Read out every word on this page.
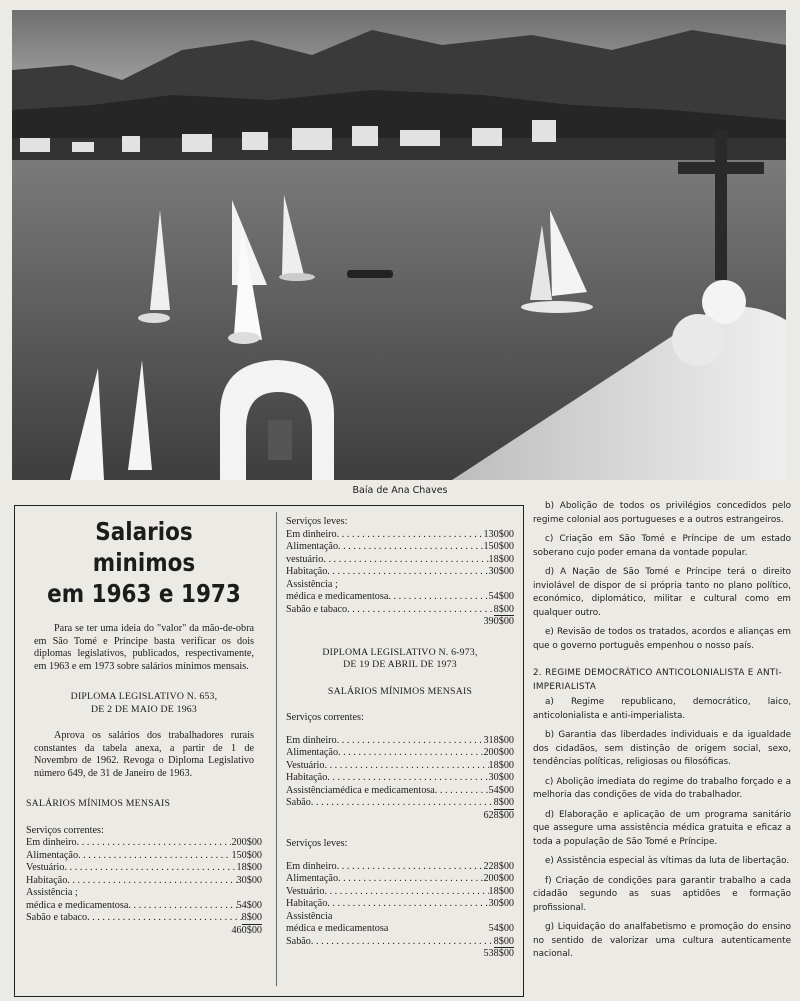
Baía de Ana Chaves
Salarios minimos
em 1963 e 1973
Para se ter uma ideia do "valor" da mão-de-obra em São Tomé e Príncipe basta verificar os dois diplomas legislativos, publicados, respectivamente, em 1963 e em 1973 sobre salários mínimos mensais.
DIPLOMA LEGISLATIVO N. 653,
DE 2 DE MAIO DE 1963
Aprova os salários dos trabalhadores rurais constantes da tabela anexa, a partir de 1 de Novembro de 1962. Revoga o Diploma Legislativo número 649, de 31 de Janeiro de 1963.
SALÁRIOS MÍNIMOS MENSAIS
Serviços correntes:
Em dinheiro . . .	200$00
Alimentação . . .	150$00
Vestuário . . .	18$00
Habitação . . .	30$00
Assistência ;
médica e medicamentosa . . .	54$00
Sabão e tabaco . . .	8$00
460$00
Serviços leves:
Em dinheiro . . .	130$00
Alimentação . . .	150$00
vestuário . . .	18$00
Habitação . . .	30$00
Assistência ;
médica e medicamentosa . . .	54$00
Sabão e tabaco . . .	8$00
390$00
DIPLOMA LEGISLATIVO N. 6-973,
DE 19 DE ABRIL DE 1973
SALÁRIOS MÍNIMOS MENSAIS
Serviços correntes:
Em dinheiro . . .	318$00
Alimentação . . .	200$00
Vestuário . . .	18$00
Habitação . . .	30$00
Assistênciamédica e medicamentosa . . .	54$00
Sabão . . .	8$00
628$00
Serviços leves:
Em dinheiro . . .	228$00
Alimentação . . .	200$00
Vestuário . . .	18$00
Habitação . . .	30$00
Assistência
médica e medicamentosa	54$00
Sabão . . .	8$00
538$00

b) Abolição de todos os privilégios concedidos pelo regime colonial aos portugueses e a outros estrangeiros.

c) Criação em São Tomé e Príncipe de um estado soberano cujo poder emana da vontade popular.

d) A Nação de São Tomé e Príncipe terá o direito inviolável de dispor de si própria tanto no plano político, económico, diplomático, militar e cultural como em qualquer outro.

e) Revisão de todos os tratados, acordos e alianças em que o governo português empenhou o nosso país.

2. REGIME DEMOCRÁTICO ANTICOLONIALISTA E ANTI-IMPERIALISTA

a) Regime republicano, democrático, laico, anticolonialista e anti-imperialista.

b) Garantia das liberdades individuais e da igualdade dos cidadãos, sem distinção de origem social, sexo, tendências políticas, religiosas ou filosóficas.

c) Abolição imediata do regime do trabalho forçado e a melhoria das condições de vida do trabalhador.

d) Elaboração e aplicação de um programa sanitário que assegure uma assistência médica gratuita e eficaz a toda a população de São Tomé e Príncipe.

e) Assistência especial às vítimas da luta de libertação.

f) Criação de condições para garantir trabalho a cada cidadão segundo as suas aptidões e formação profissional.

g) Liquidação do analfabetismo e promoção do ensino no sentido de valorizar uma cultura autenticamente nacional.
